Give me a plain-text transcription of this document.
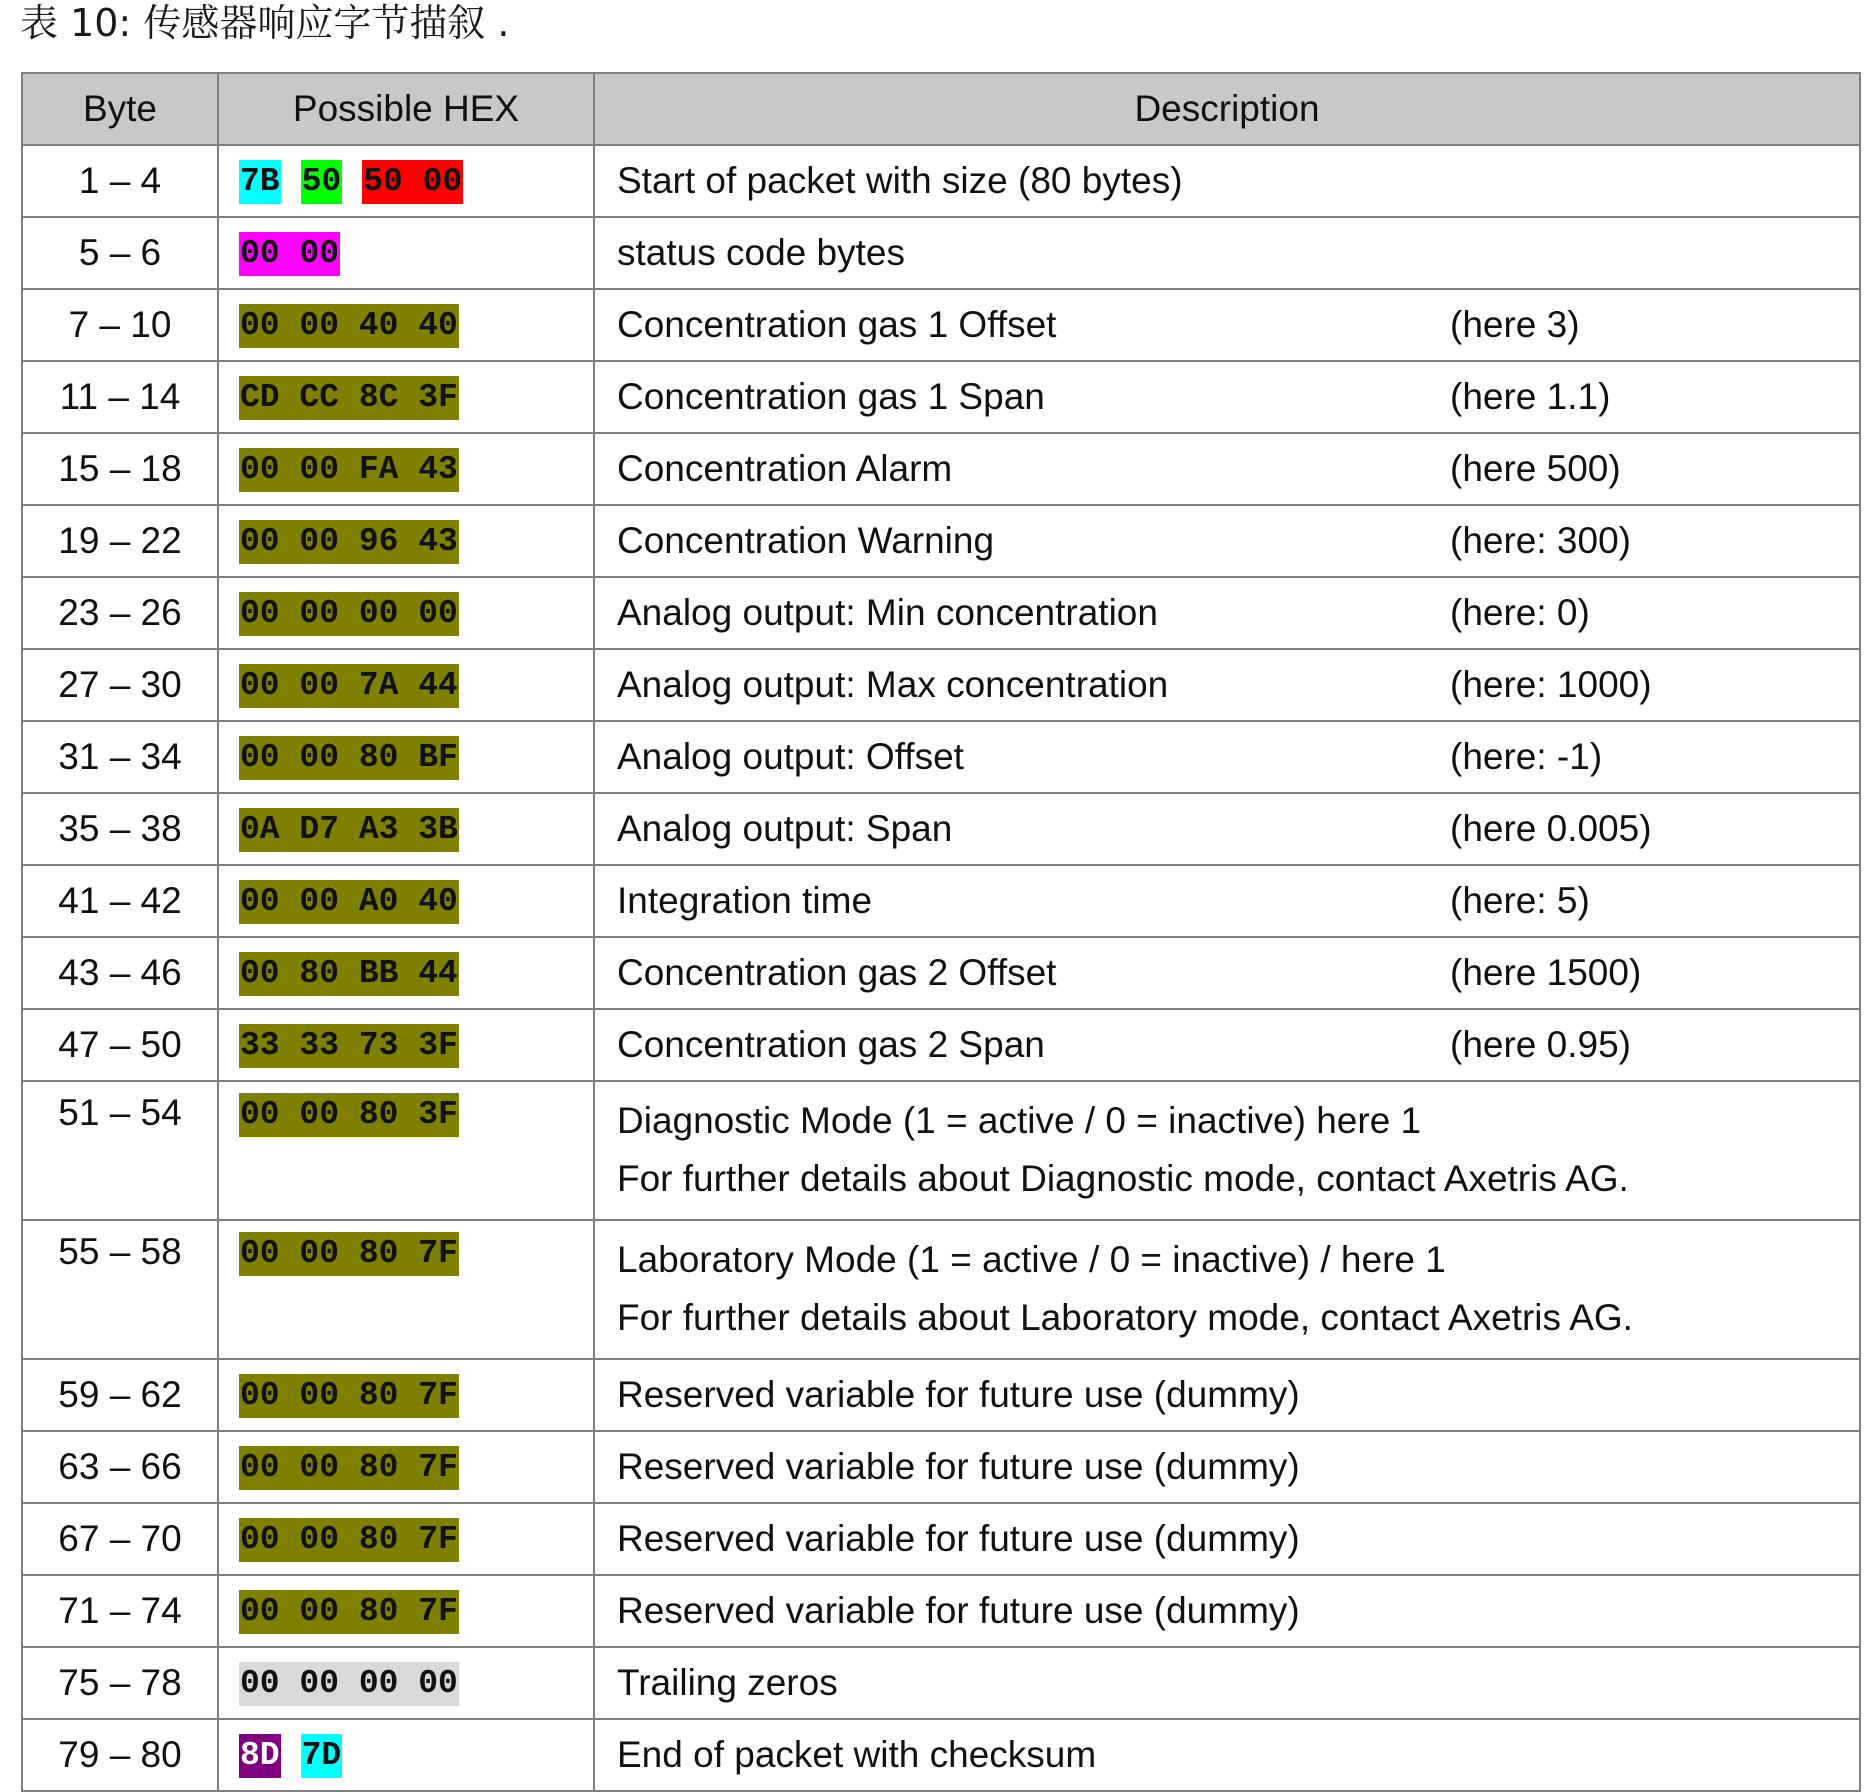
表 10: 传感器响应字节描叙 .
Byte	Possible HEX	Description
1 – 4	7B 50 50 00	Start of packet with size (80 bytes)

5 – 6	00 00	status code bytes

7 – 10	00 00 40 40	Concentration gas 1 Offset (here 3)

11 – 14	CD CC 8C 3F	Concentration gas 1 Span (here 1.1)

15 – 18	00 00 FA 43	Concentration Alarm (here 500)

19 – 22	00 00 96 43	Concentration Warning (here: 300)

23 – 26	00 00 00 00	Analog output: Min concentration (here: 0)

27 – 30	00 00 7A 44	Analog output: Max concentration (here: 1000)

31 – 34	00 00 80 BF	Analog output: Offset (here: -1)

35 – 38	0A D7 A3 3B	Analog output: Span (here 0.005)

41 – 42	00 00 A0 40	Integration time (here: 5)

43 – 46	00 80 BB 44	Concentration gas 2 Offset (here 1500)

47 – 50	33 33 73 3F	Concentration gas 2 Span (here 0.95)

51 – 54	00 00 80 3F	Diagnostic Mode (1 = active / 0 = inactive) here 1
For further details about Diagnostic mode, contact Axetris AG.

55 – 58	00 00 80 7F	Laboratory Mode (1 = active / 0 = inactive) / here 1
For further details about Laboratory mode, contact Axetris AG.

59 – 62	00 00 80 7F	Reserved variable for future use (dummy)

63 – 66	00 00 80 7F	Reserved variable for future use (dummy)

67 – 70	00 00 80 7F	Reserved variable for future use (dummy)

71 – 74	00 00 80 7F	Reserved variable for future use (dummy)

75 – 78	00 00 00 00	Trailing zeros

79 – 80	8D 7D	End of packet with checksum
